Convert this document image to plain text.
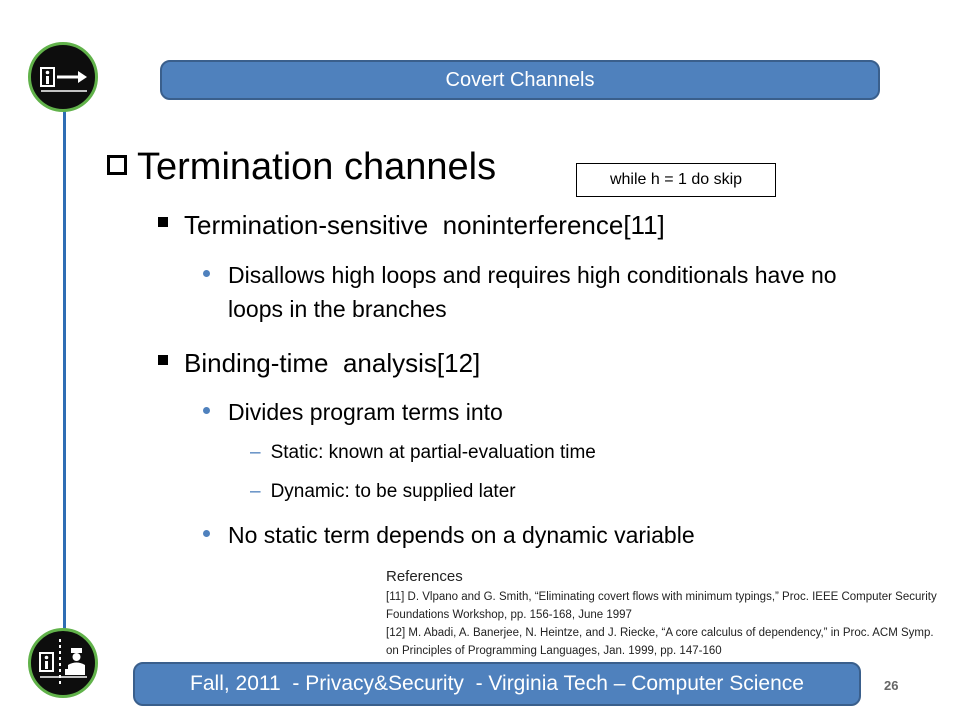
Covert Channels
Termination channels	while h = 1 do skip
Termination-sensitive  noninterference[11]
Disallows high loops and requires high conditionals have no loops in the branches
Binding-time  analysis[12]
Divides program terms into
– Static: known at partial-evaluation time
– Dynamic: to be supplied later
No static term depends on a dynamic variable
References
[11] D. Vlpano and G. Smith, “Eliminating covert flows with minimum typings,” Proc. IEEE Computer Security Foundations Workshop, pp. 156-168, June 1997
[12] M. Abadi, A. Banerjee, N. Heintze, and J. Riecke, “A core calculus of dependency,” in Proc. ACM Symp. on Principles of Programming Languages, Jan. 1999, pp. 147-160
Fall, 2011  - Privacy&Security  - Virginia Tech – Computer Science	26
